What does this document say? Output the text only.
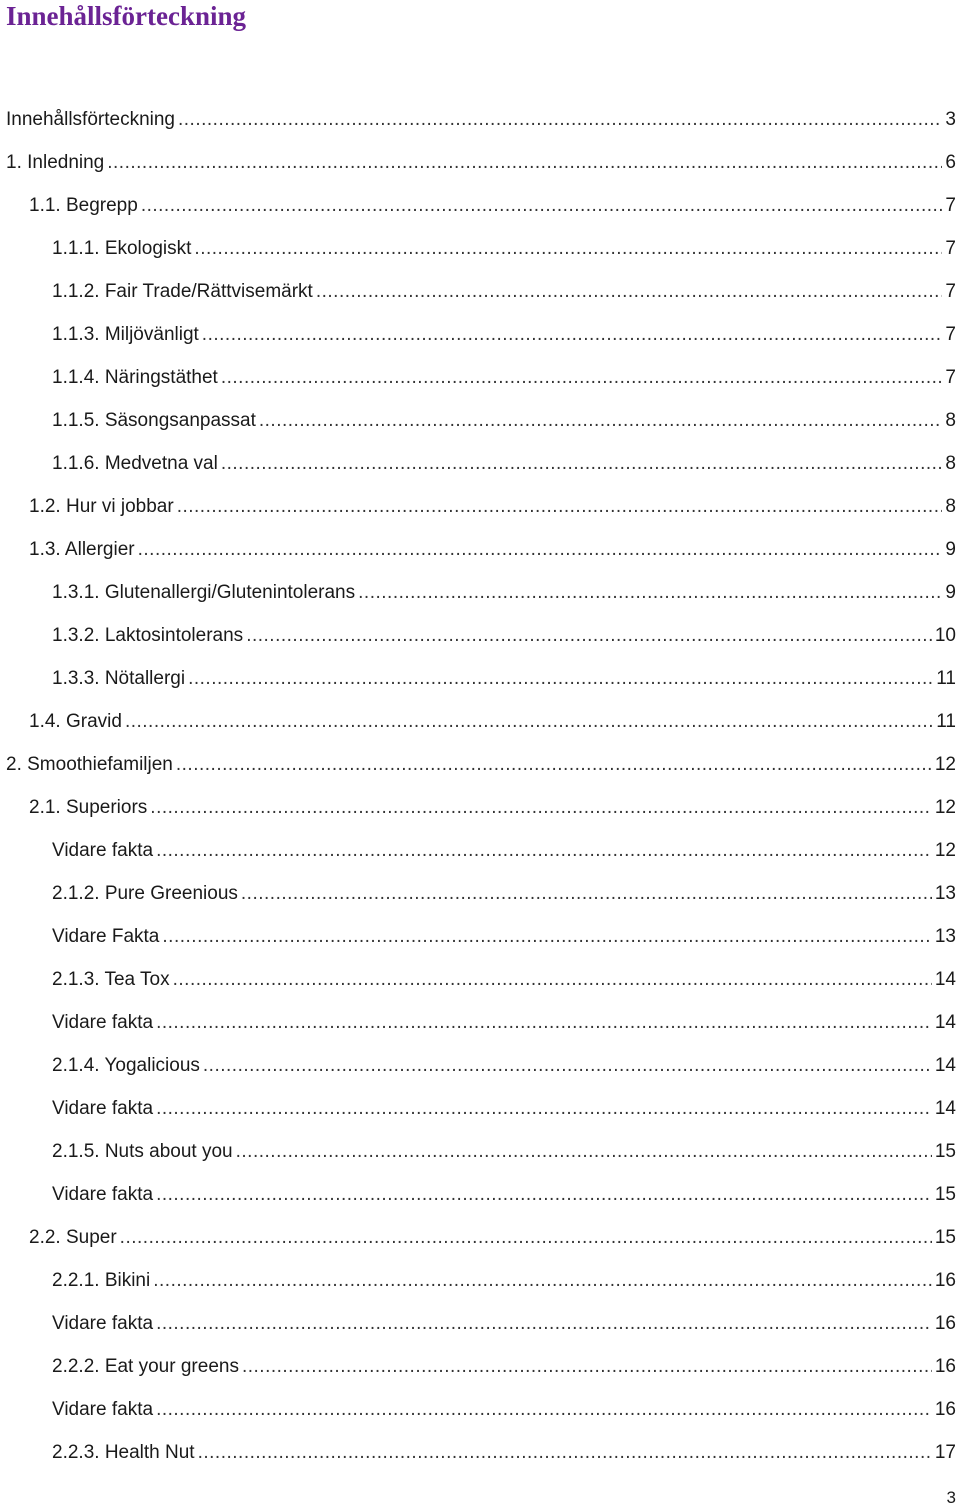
Innehållsförteckning
Innehållsförteckning .....	3
1. Inledning .....	6
1.1. Begrepp .....	7
1.1.1. Ekologiskt .....	7
1.1.2. Fair Trade/Rättvisemärkt .....	7
1.1.3. Miljövänligt .....	7
1.1.4. Näringstäthet .....	7
1.1.5. Säsongsanpassat .....	8
1.1.6. Medvetna val .....	8
1.2. Hur vi jobbar .....	8
1.3. Allergier .....	9
1.3.1. Glutenallergi/Glutenintolerans .....	9
1.3.2. Laktosintolerans .....	10
1.3.3. Nötallergi .....	11
1.4. Gravid .....	11
2. Smoothiefamiljen .....	12
2.1. Superiors .....	12
Vidare fakta .....	12
2.1.2. Pure Greenious .....	13
Vidare Fakta .....	13
2.1.3. Tea Tox .....	14
Vidare fakta .....	14
2.1.4. Yogalicious .....	14
Vidare fakta .....	14
2.1.5. Nuts about you .....	15
Vidare fakta .....	15
2.2. Super .....	15
2.2.1. Bikini .....	16
Vidare fakta .....	16
2.2.2. Eat your greens .....	16
Vidare fakta .....	16
2.2.3. Health Nut .....	17
3
